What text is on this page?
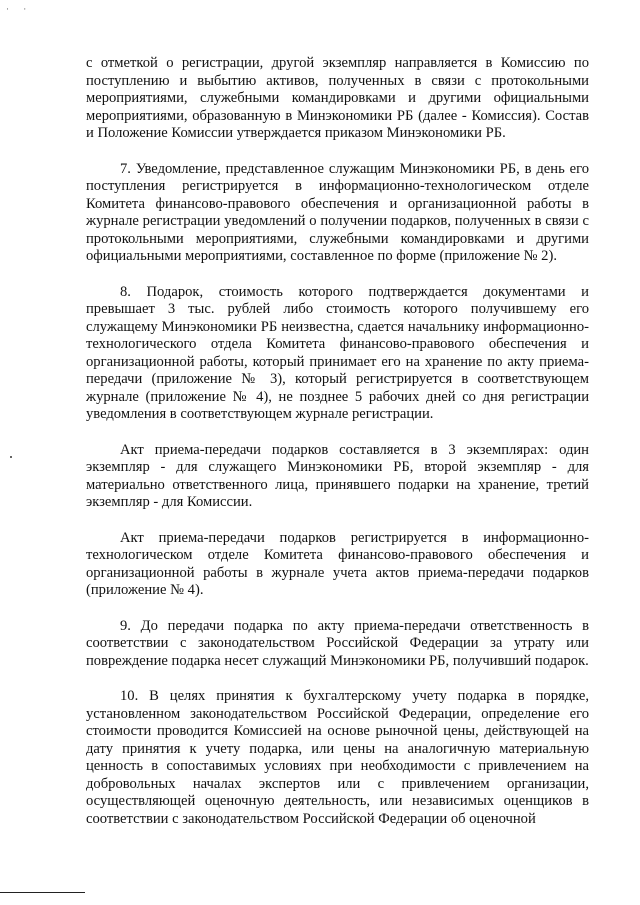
· ·

с отметкой о регистрации, другой экземпляр направляется в Комиссию по поступлению и выбытию активов, полученных в связи с протокольными мероприятиями, служебными командировками и другими официальными мероприятиями, образованную в Минэкономики РБ (далее - Комиссия). Состав и Положение Комиссии утверждается приказом Минэкономики РБ.

7. Уведомление, представленное служащим Минэкономики РБ, в день его поступления регистрируется в информационно-технологическом отделе Комитета финансово-правового обеспечения и организационной работы в журнале регистрации уведомлений о получении подарков, полученных в связи с протокольными мероприятиями, служебными командировками и другими официальными мероприятиями, составленное по форме (приложение № 2).

8. Подарок, стоимость которого подтверждается документами и превышает 3 тыс. рублей либо стоимость которого получившему его служащему Минэкономики РБ неизвестна, сдается начальнику информационно-технологического отдела Комитета финансово-правового обеспечения и организационной работы, который принимает его на хранение по акту приема-передачи (приложение № 3), который регистрируется в соответствующем журнале (приложение № 4), не позднее 5 рабочих дней со дня регистрации уведомления в соответствующем журнале регистрации.

Акт приема-передачи подарков составляется в 3 экземплярах: один экземпляр - для служащего Минэкономики РБ, второй экземпляр - для материально ответственного лица, принявшего подарки на хранение, третий экземпляр - для Комиссии.

Акт приема-передачи подарков регистрируется в информационно-технологическом отделе Комитета финансово-правового обеспечения и организационной работы в журнале учета актов приема-передачи подарков (приложение № 4).

9. До передачи подарка по акту приема-передачи ответственность в соответствии с законодательством Российской Федерации за утрату или повреждение подарка несет служащий Минэкономики РБ, получивший подарок.

10. В целях принятия к бухгалтерскому учету подарка в порядке, установленном законодательством Российской Федерации, определение его стоимости проводится Комиссией на основе рыночной цены, действующей на дату принятия к учету подарка, или цены на аналогичную материальную ценность в сопоставимых условиях при необходимости с привлечением на добровольных началах экспертов или с привлечением организации, осуществляющей оценочную деятельность, или независимых оценщиков в соответствии с законодательством Российской Федерации об оценочной
